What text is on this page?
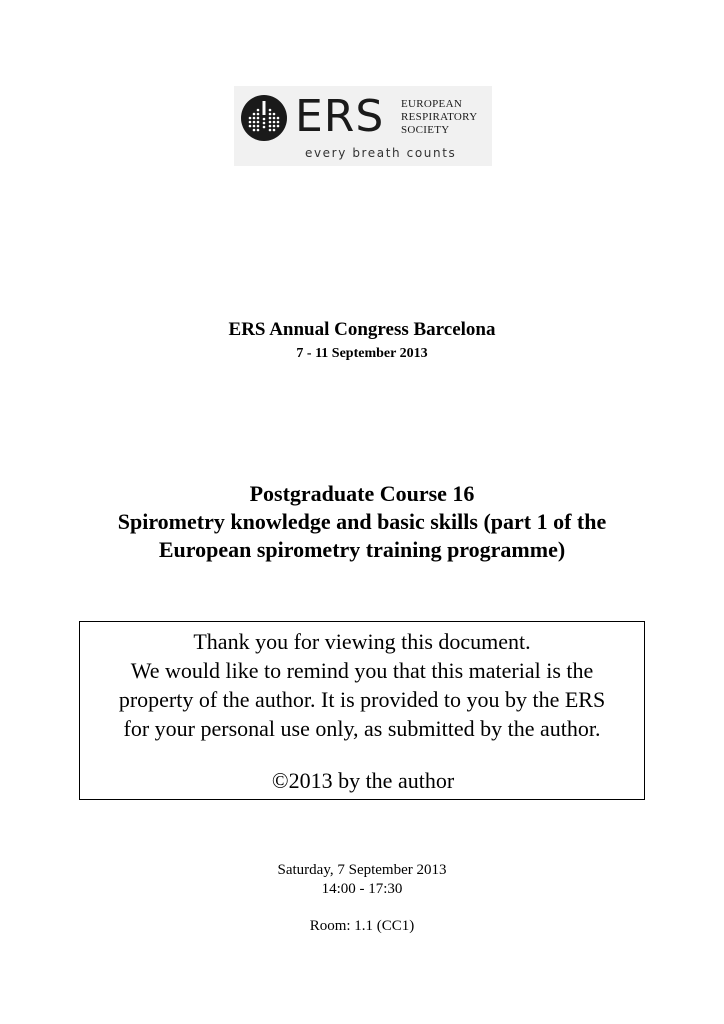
ERS EUROPEAN
RESPIRATORY
SOCIETY
every breath counts
ERS Annual Congress Barcelona
7 - 11 September 2013
Postgraduate Course 16
Spirometry knowledge and basic skills (part 1 of the
European spirometry training programme)
Thank you for viewing this document.
We would like to remind you that this material is the
property of the author. It is provided to you by the ERS
for your personal use only, as submitted by the author.
©2013 by the author
Saturday, 7 September 2013
14:00 - 17:30
Room: 1.1 (CC1)
